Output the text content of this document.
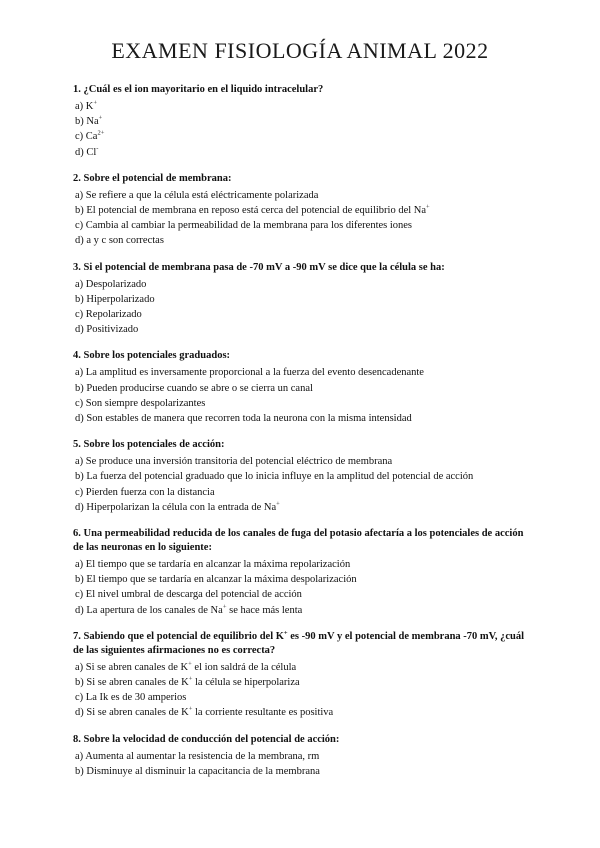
EXAMEN FISIOLOGÍA ANIMAL 2022
1. ¿Cuál es el ion mayoritario en el liquido intracelular?
a) K+
b) Na+
c) $Ca^{2+}$
d) Cl-
2. Sobre el potencial de membrana:
a) Se refiere a que la célula está eléctricamente polarizada
b) El potencial de membrana en reposo está cerca del potencial de equilibrio del Na+
c) Cambia al cambiar la permeabilidad de la membrana para los diferentes iones
d) a y c son correctas
3. Si el potencial de membrana pasa de -70 mV a -90 mV se dice que la célula se ha:
a) Despolarizado
b) Hiperpolarizado
c) Repolarizado
d) Positivizado
4. Sobre los potenciales graduados:
a) La amplitud es inversamente proporcional a la fuerza del evento desencadenante
b) Pueden producirse cuando se abre o se cierra un canal
c) Son siempre despolarizantes
d) Son estables de manera que recorren toda la neurona con la misma intensidad
5. Sobre los potenciales de acción:
a) Se produce una inversión transitoria del potencial eléctrico de membrana
b) La fuerza del potencial graduado que lo inicia influye en la amplitud del potencial de acción
c) Pierden fuerza con la distancia
d) Hiperpolarizan la célula con la entrada de Na+
6. Una permeabilidad reducida de los canales de fuga del potasio afectaría a los potenciales de acción de las neuronas en lo siguiente:
a) El tiempo que se tardaría en alcanzar la máxima repolarización
b) El tiempo que se tardaría en alcanzar la máxima despolarización
c) El nivel umbral de descarga del potencial de acción
d) La apertura de los canales de Na+ se hace más lenta
7. Sabiendo que el potencial de equilibrio del K+ es -90 mV y el potencial de membrana -70 mV, ¿cuál de las siguientes afirmaciones no es correcta?
a) Si se abren canales de K+ el ion saldrá de la célula
b) Si se abren canales de K+ la célula se hiperpolariza
c) La Ik es de 30 amperios
d) Si se abren canales de K+ la corriente resultante es positiva
8. Sobre la velocidad de conducción del potencial de acción:
a) Aumenta al aumentar la resistencia de la membrana, rm
b) Disminuye al disminuir la capacitancia de la membrana
